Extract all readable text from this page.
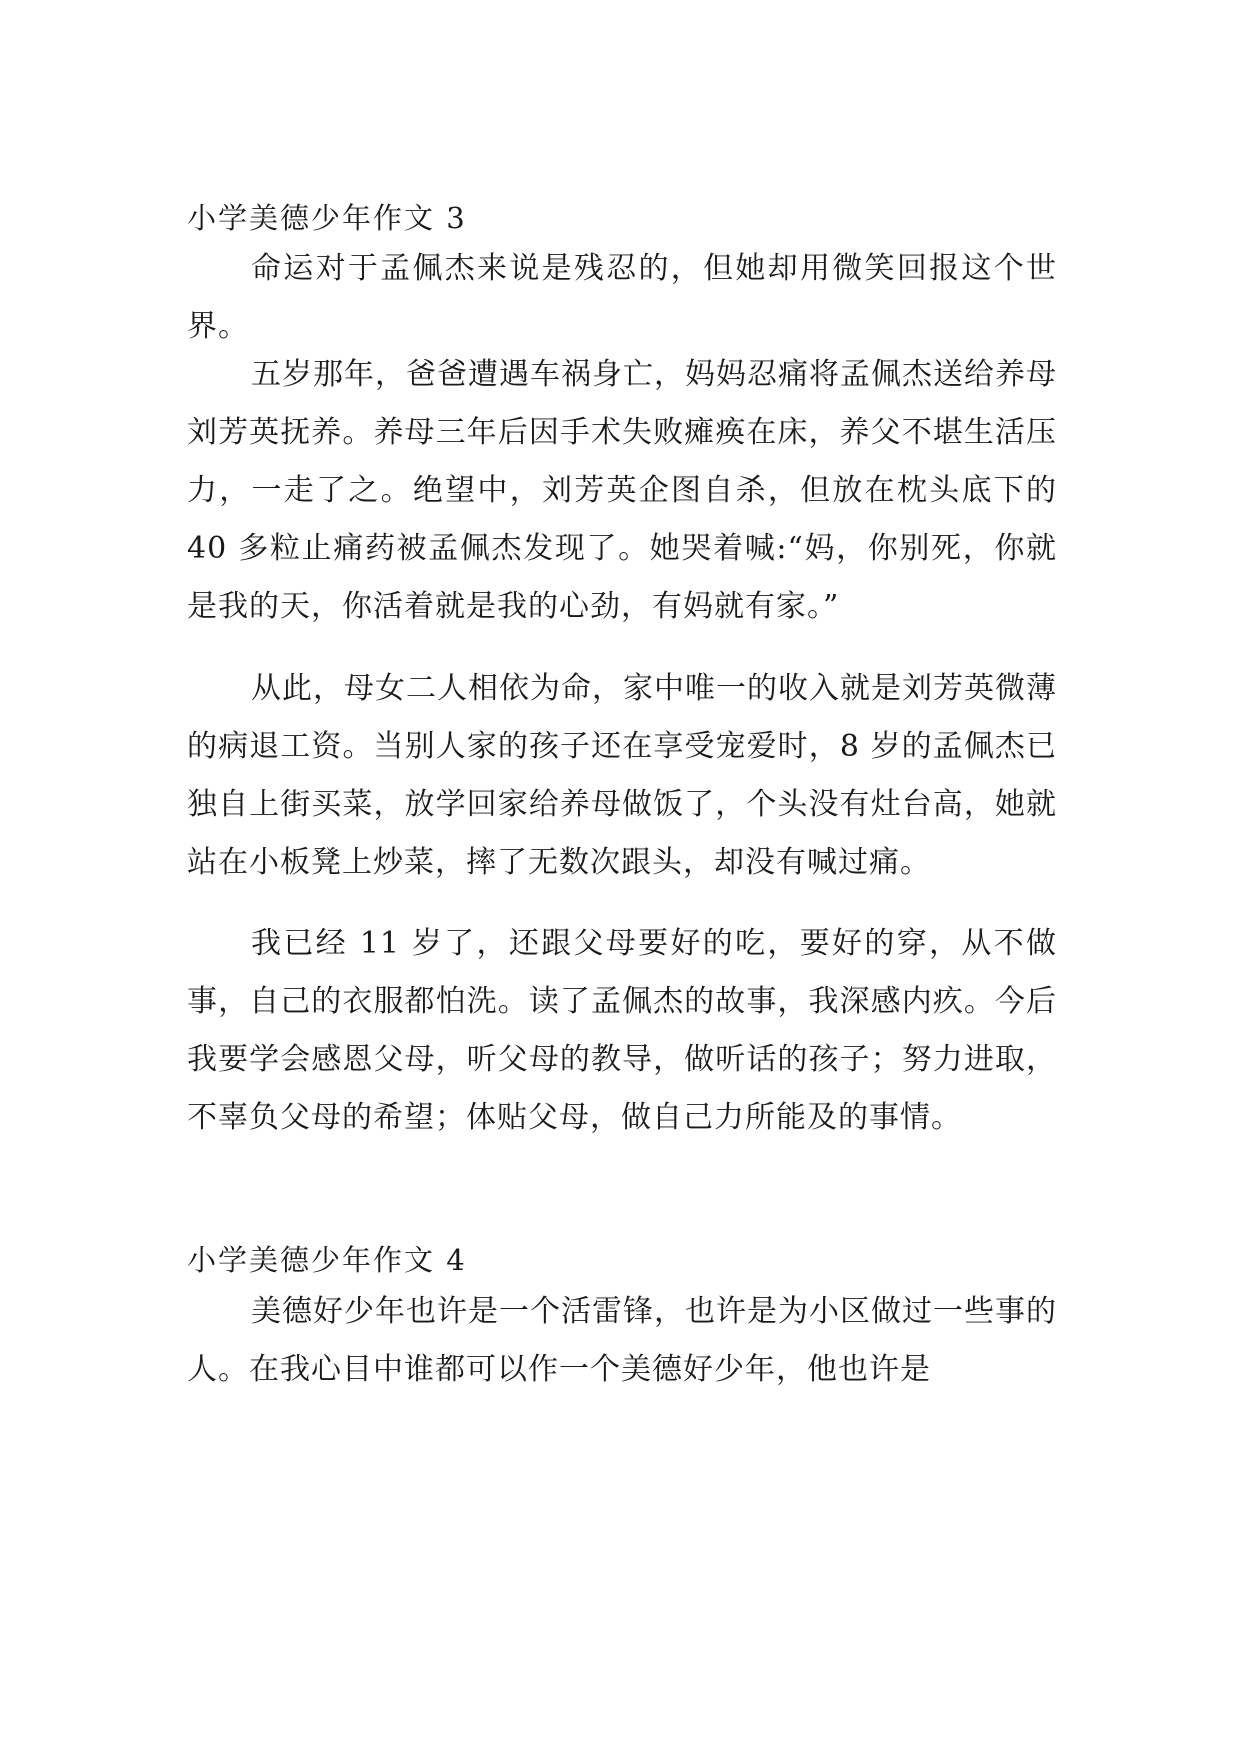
小学美德少年作文 3

命运对于孟佩杰来说是残忍的，但她却用微笑回报这个世界。

五岁那年，爸爸遭遇车祸身亡，妈妈忍痛将孟佩杰送给养母刘芳英抚养。养母三年后因手术失败瘫痪在床，养父不堪生活压力，一走了之。绝望中，刘芳英企图自杀，但放在枕头底下的 40 多粒止痛药被孟佩杰发现了。她哭着喊:“妈，你别死，你就是我的天，你活着就是我的心劲，有妈就有家。”

从此，母女二人相依为命，家中唯一的收入就是刘芳英微薄的病退工资。当别人家的孩子还在享受宠爱时，8 岁的孟佩杰已独自上街买菜，放学回家给养母做饭了，个头没有灶台高，她就站在小板凳上炒菜，摔了无数次跟头，却没有喊过痛。

我已经 11 岁了，还跟父母要好的吃，要好的穿，从不做事，自己的衣服都怕洗。读了孟佩杰的故事，我深感内疚。今后我要学会感恩父母，听父母的教导，做听话的孩子；努力进取，不辜负父母的希望；体贴父母，做自己力所能及的事情。

小学美德少年作文 4

美德好少年也许是一个活雷锋，也许是为小区做过一些事的人。在我心目中谁都可以作一个美德好少年，他也许是
